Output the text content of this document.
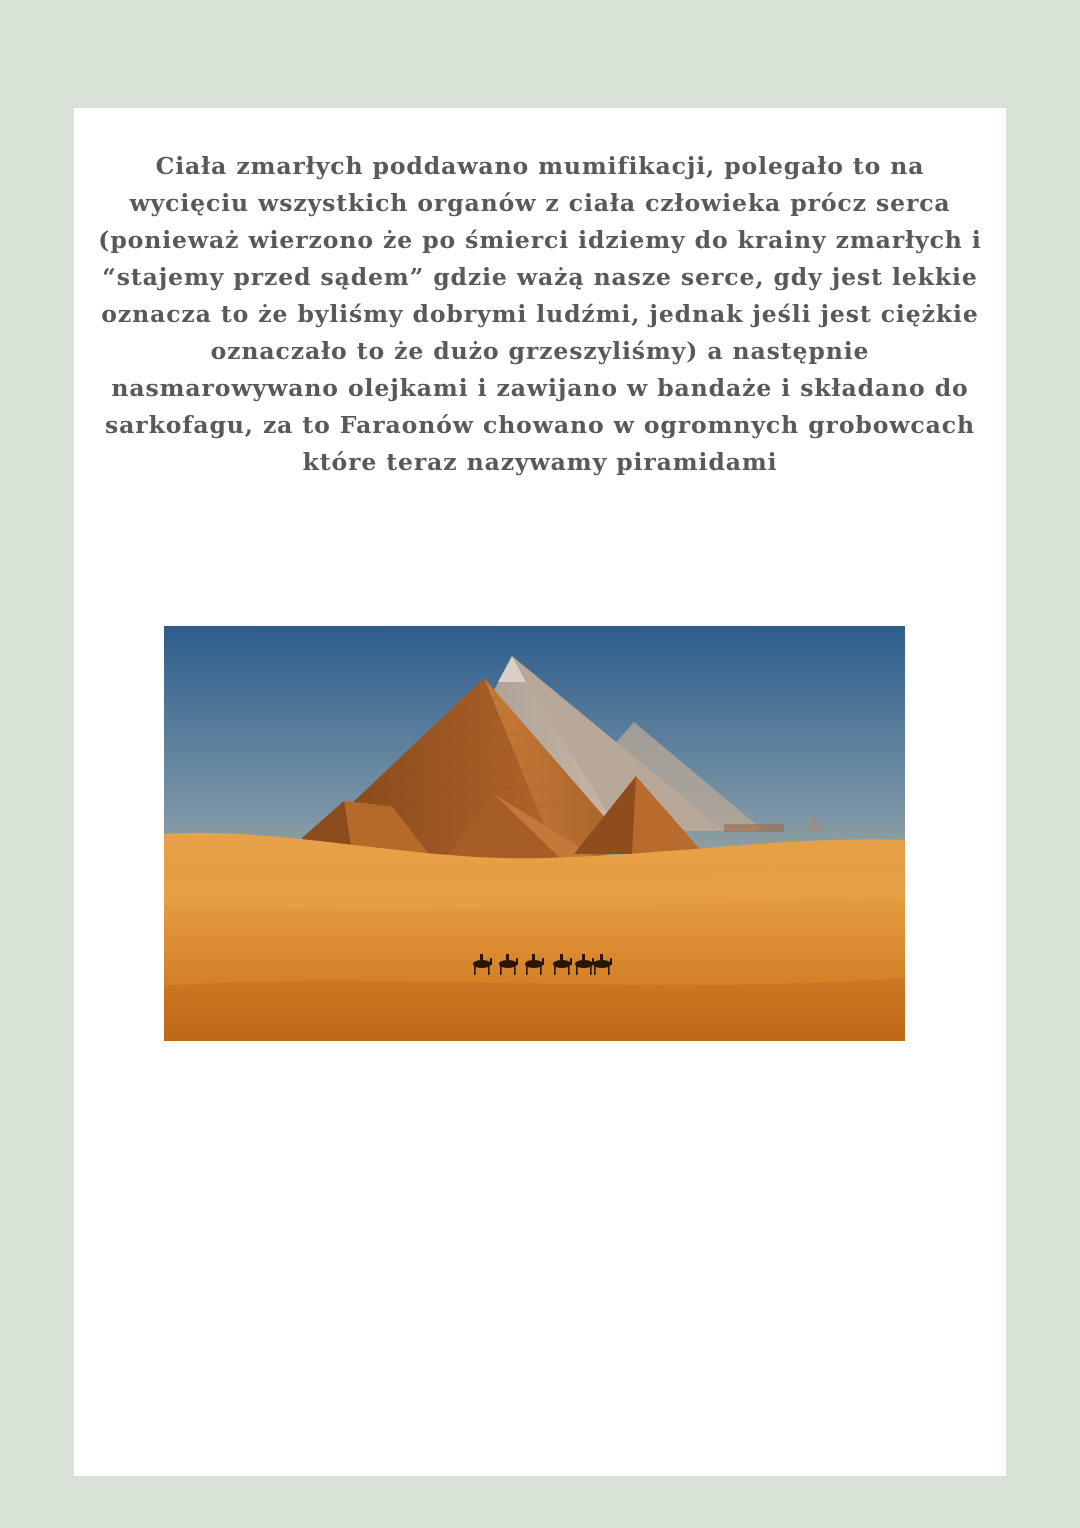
Ciała zmarłych poddawano mumifikacji, polegało to na wycięciu wszystkich organów z ciała człowieka prócz serca (ponieważ wierzono że po śmierci idziemy do krainy zmarłych i “stajemy przed sądem” gdzie ważą nasze serce, gdy jest lekkie oznacza to że byliśmy dobrymi ludźmi, jednak jeśli jest ciężkie oznaczało to że dużo grzeszyliśmy) a następnie nasmarowywano olejkami i zawijano w bandaże i składano do sarkofagu, za to Faraonów chowano w ogromnych grobowcach które teraz nazywamy piramidami
